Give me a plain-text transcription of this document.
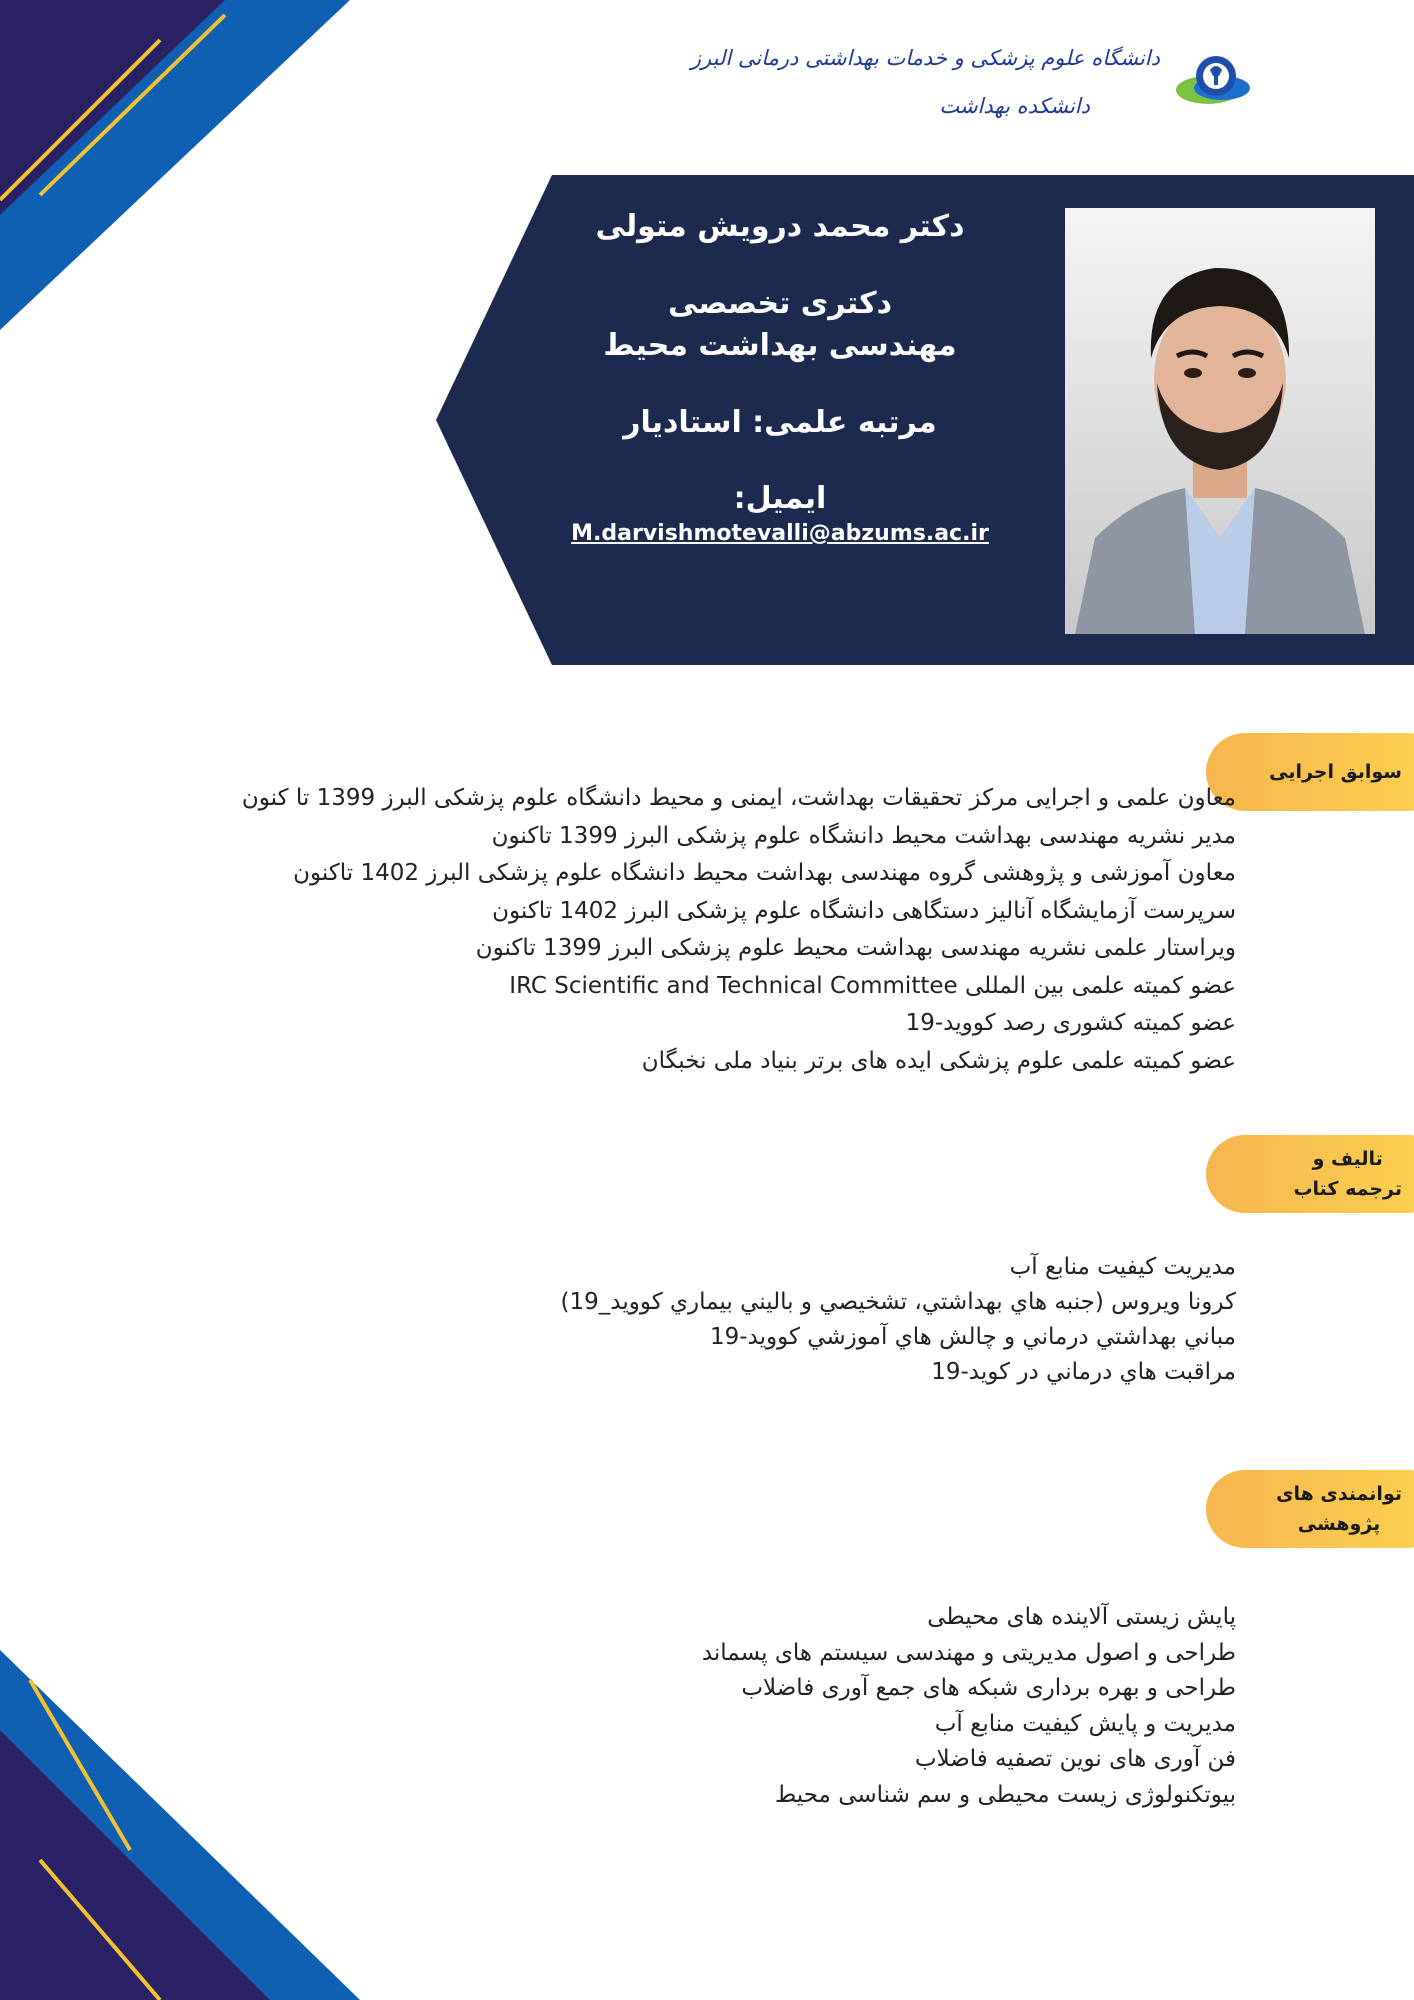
دانشگاه علوم پزشکی و خدمات بهداشتی درمانی البرز
دانشکده بهداشت

دکتر محمد درویش متولی

دکتری تخصصی مهندسی بهداشت محیط

مرتبه علمی: استادیار

ایمیل:

M.darvishmotevalli@abzums.ac.ir

سوابق اجرایی
معاون علمی و اجرایی مرکز تحقیقات بهداشت، ایمنی و محیط دانشگاه علوم پزشکی البرز 1399 تا کنون
مدیر نشریه مهندسی بهداشت محیط دانشگاه علوم پزشکی البرز 1399 تاکنون
معاون آموزشی و پژوهشی گروه مهندسی بهداشت محیط دانشگاه علوم پزشکی البرز 1402 تاکنون
سرپرست آزمایشگاه آنالیز دستگاهی دانشگاه علوم پزشکی البرز 1402 تاکنون
ویراستار علمی نشریه مهندسی بهداشت محیط علوم پزشکی البرز 1399 تاکنون
عضو کمیته علمی بین المللی IRC Scientific and Technical Committee
عضو کمیته کشوری رصد کووید-19
عضو کمیته علمی علوم پزشکی ایده های برتر بنیاد ملی نخبگان
تالیف و
ترجمه کتاب
مدیریت کیفیت منابع آب
كرونا ويروس (جنبه هاي بهداشتي، تشخيصي و باليني بيماري كوويد_19)
مباني بهداشتي درماني و چالش هاي آموزشي كوويد-19
مراقبت هاي درماني در كويد-19
توانمندی های
پژوهشی
پایش زیستی آلاینده های محیطی
طراحی و اصول مدیریتی و مهندسی سیستم های پسماند
طراحی و بهره برداری شبکه های جمع آوری فاضلاب
مدیریت و پایش کیفیت منابع آب
فن آوری های نوین تصفیه فاضلاب
بیوتکنولوژی زیست محیطی و سم شناسی محیط
